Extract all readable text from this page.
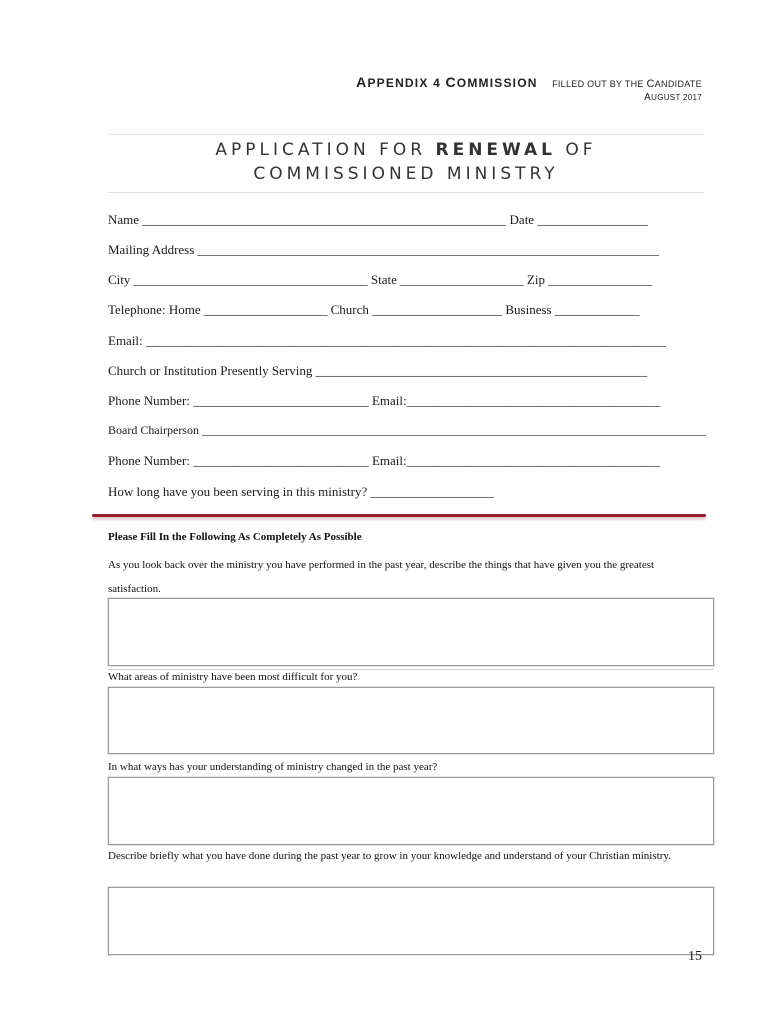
APPENDIX 4 COMMISSION FILLED OUT BY THE CANDIDATE
AUGUST 2017
APPLICATION FOR RENEWAL OF
COMMISSIONED MINISTRY
Name ________________________________________________________ Date _________________
Mailing Address _______________________________________________________________________
City ____________________________________ State ___________________ Zip ________________
Telephone: Home ___________________ Church ____________________ Business _____________
Email: ________________________________________________________________________________
Church or Institution Presently Serving ___________________________________________________
Phone Number: ___________________________ Email:_______________________________________
Board Chairperson ____________________________________________________________________________________
Phone Number: ___________________________ Email:_______________________________________
How long have you been serving in this ministry? ___________________
Please Fill In the Following As Completely As Possible
As you look back over the ministry you have performed in the past year, describe the things that have given you the greatest satisfaction.
What areas of ministry have been most difficult for you?
In what ways has your understanding of ministry changed in the past year?
Describe briefly what you have done during the past year to grow in your knowledge and understand of your Christian ministry.
15
